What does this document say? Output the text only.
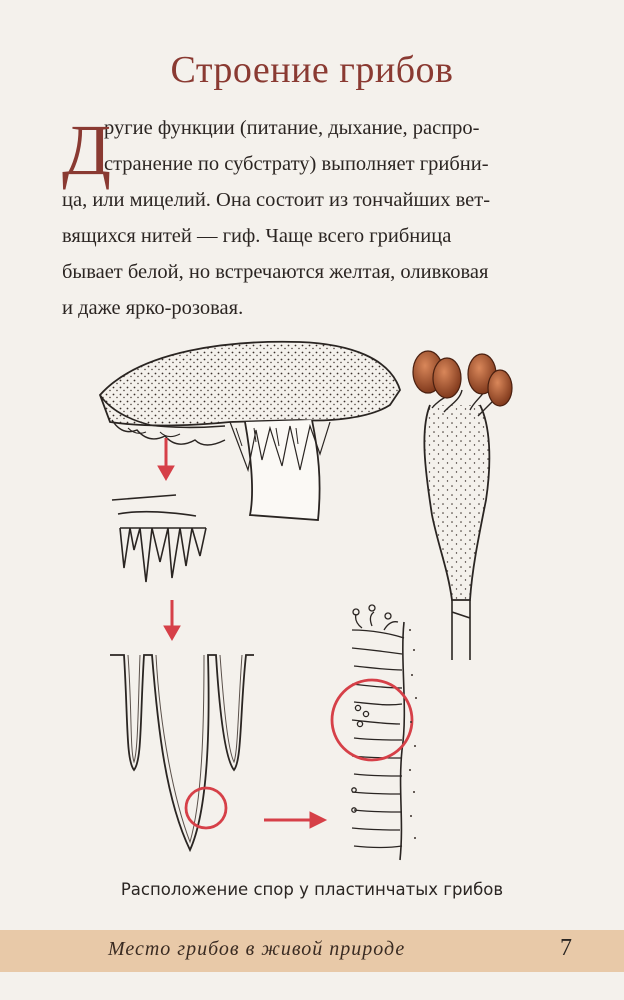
Строение грибов
Д
ругие функции (питание, дыхание, распро-
странение по субстрату) выполняет грибни-
ца, или мицелий. Она состоит из тончайших вет-
вящихся нитей — гиф. Чаще всего грибница
бывает белой, но встречаются желтая, оливковая
и даже ярко-розовая.
Расположение спор у пластинчатых грибов
Место грибов в живой природе	7
